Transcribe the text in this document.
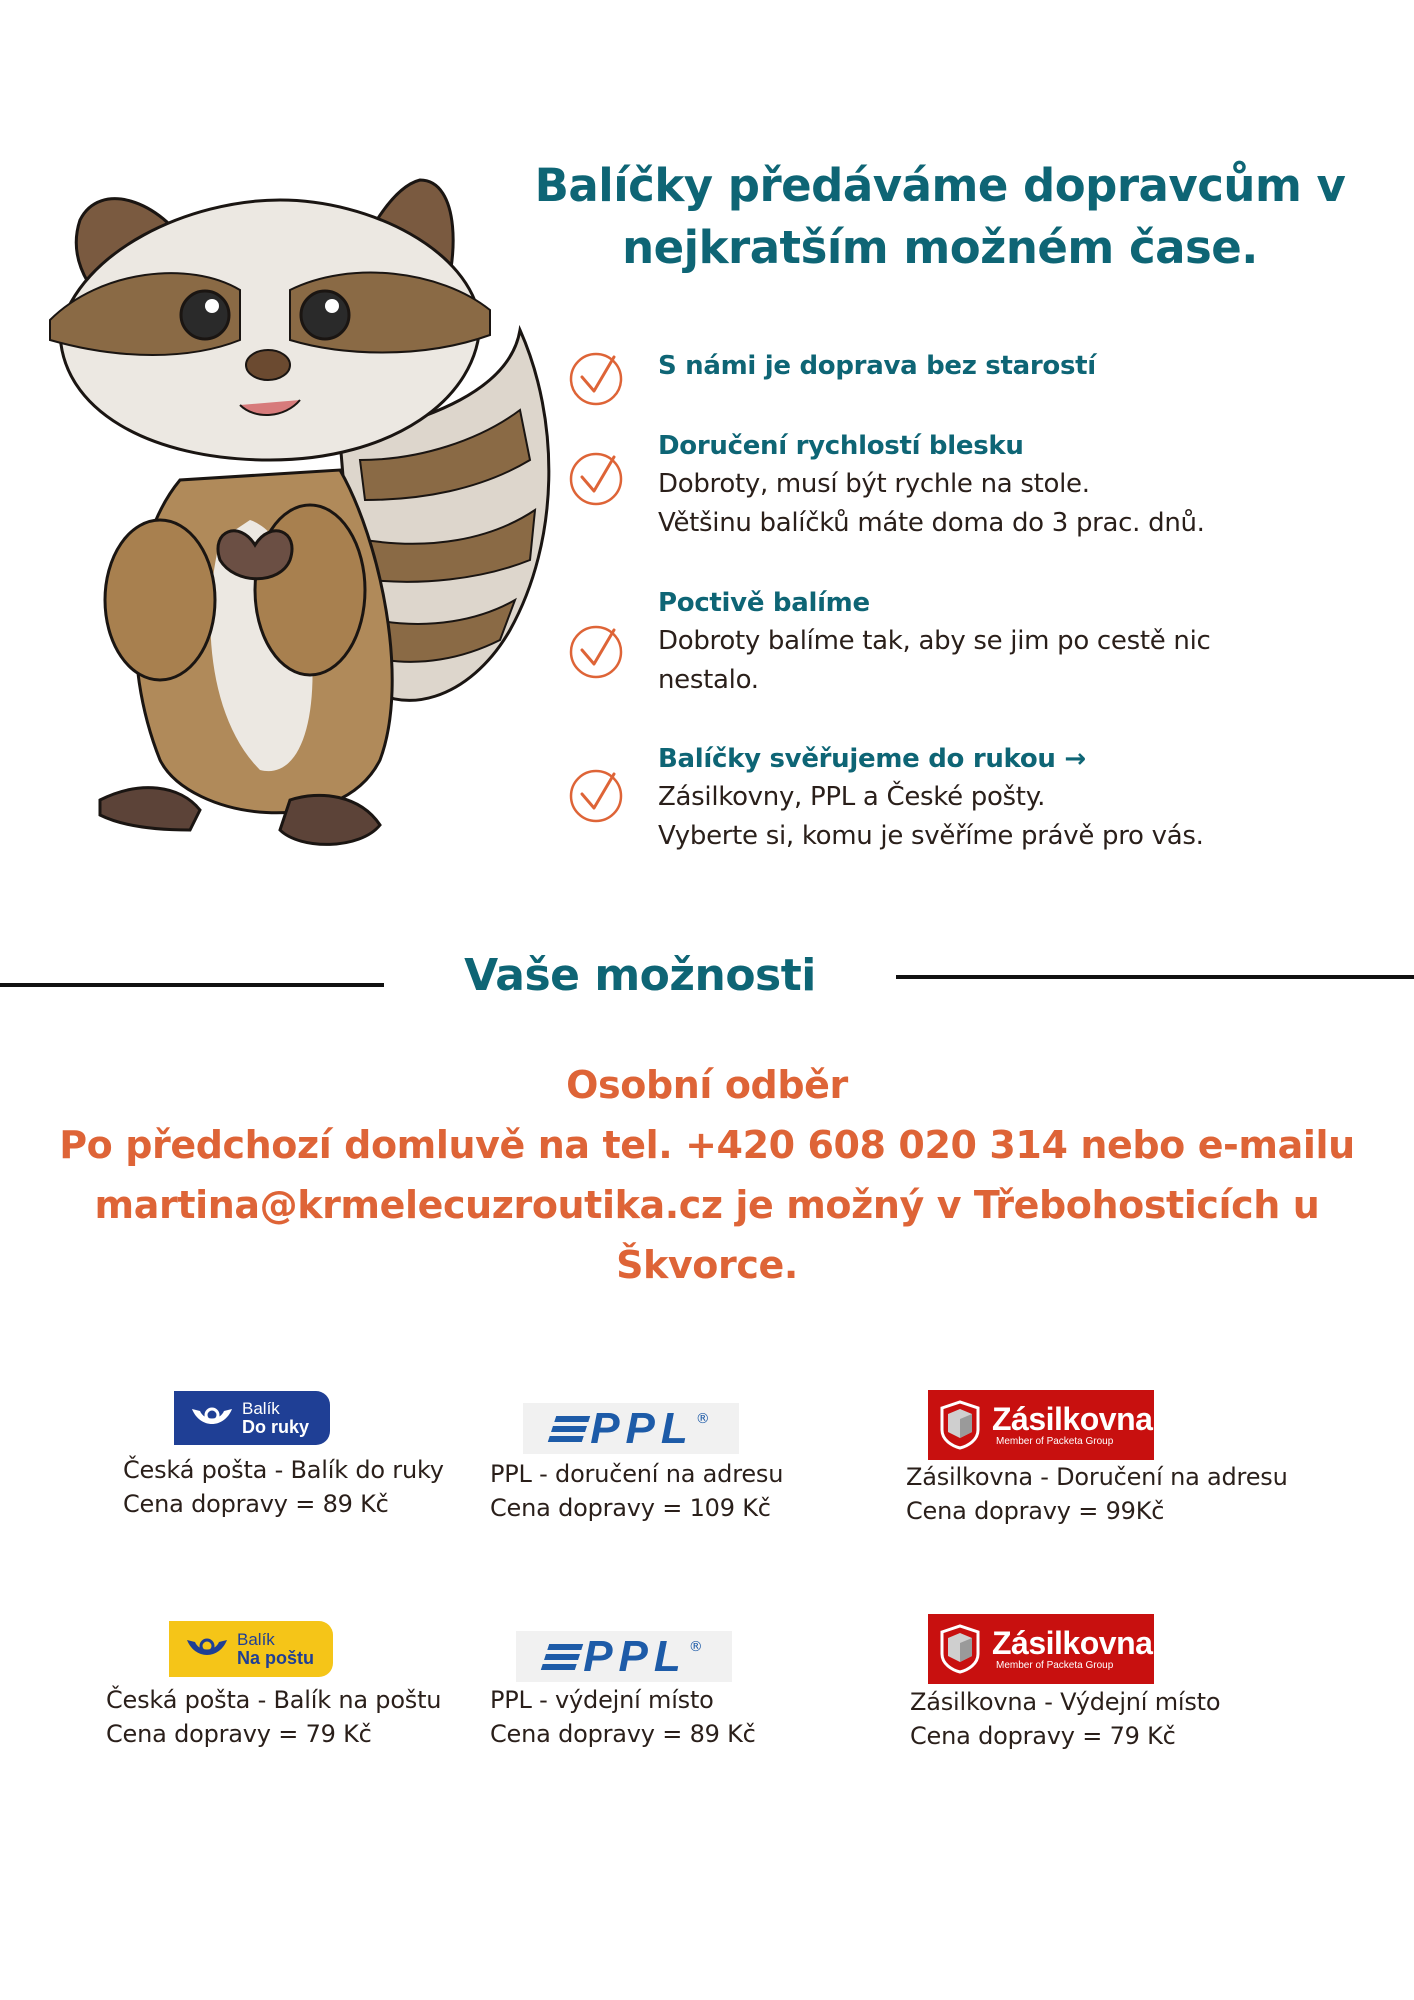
Balíčky předáváme dopravcům v
nejkratším možném čase.
S námi je doprava bez starostí
Doručení rychlostí blesku
Dobroty, musí být rychle na stole.
Většinu balíčků máte doma do 3 prac. dnů.
Poctivě balíme
Dobroty balíme tak, aby se jim po cestě nic
nestalo.
Balíčky svěřujeme do rukou →
Zásilkovny, PPL a České pošty.
Vyberte si, komu je svěříme právě pro vás.
Vaše možnosti
Osobní odběr
Po předchozí domluvě na tel. +420 608 020 314 nebo e-mailu
martina@krmelecuzroutika.cz je možný v Třebohosticích u
Škvorce.
Balík
Do ruky
Česká pošta - Balík do ruky
Cena dopravy = 89 Kč
PPL ®
PPL - doručení na adresu
Cena dopravy = 109 Kč
Zásilkovna
Member of Packeta Group
Zásilkovna - Doručení na adresu
Cena dopravy = 99Kč
Balík
Na poštu
Česká pošta - Balík na poštu
Cena dopravy = 79 Kč
PPL ®
PPL - výdejní místo
Cena dopravy = 89 Kč
Zásilkovna
Member of Packeta Group
Zásilkovna - Výdejní místo
Cena dopravy = 79 Kč
